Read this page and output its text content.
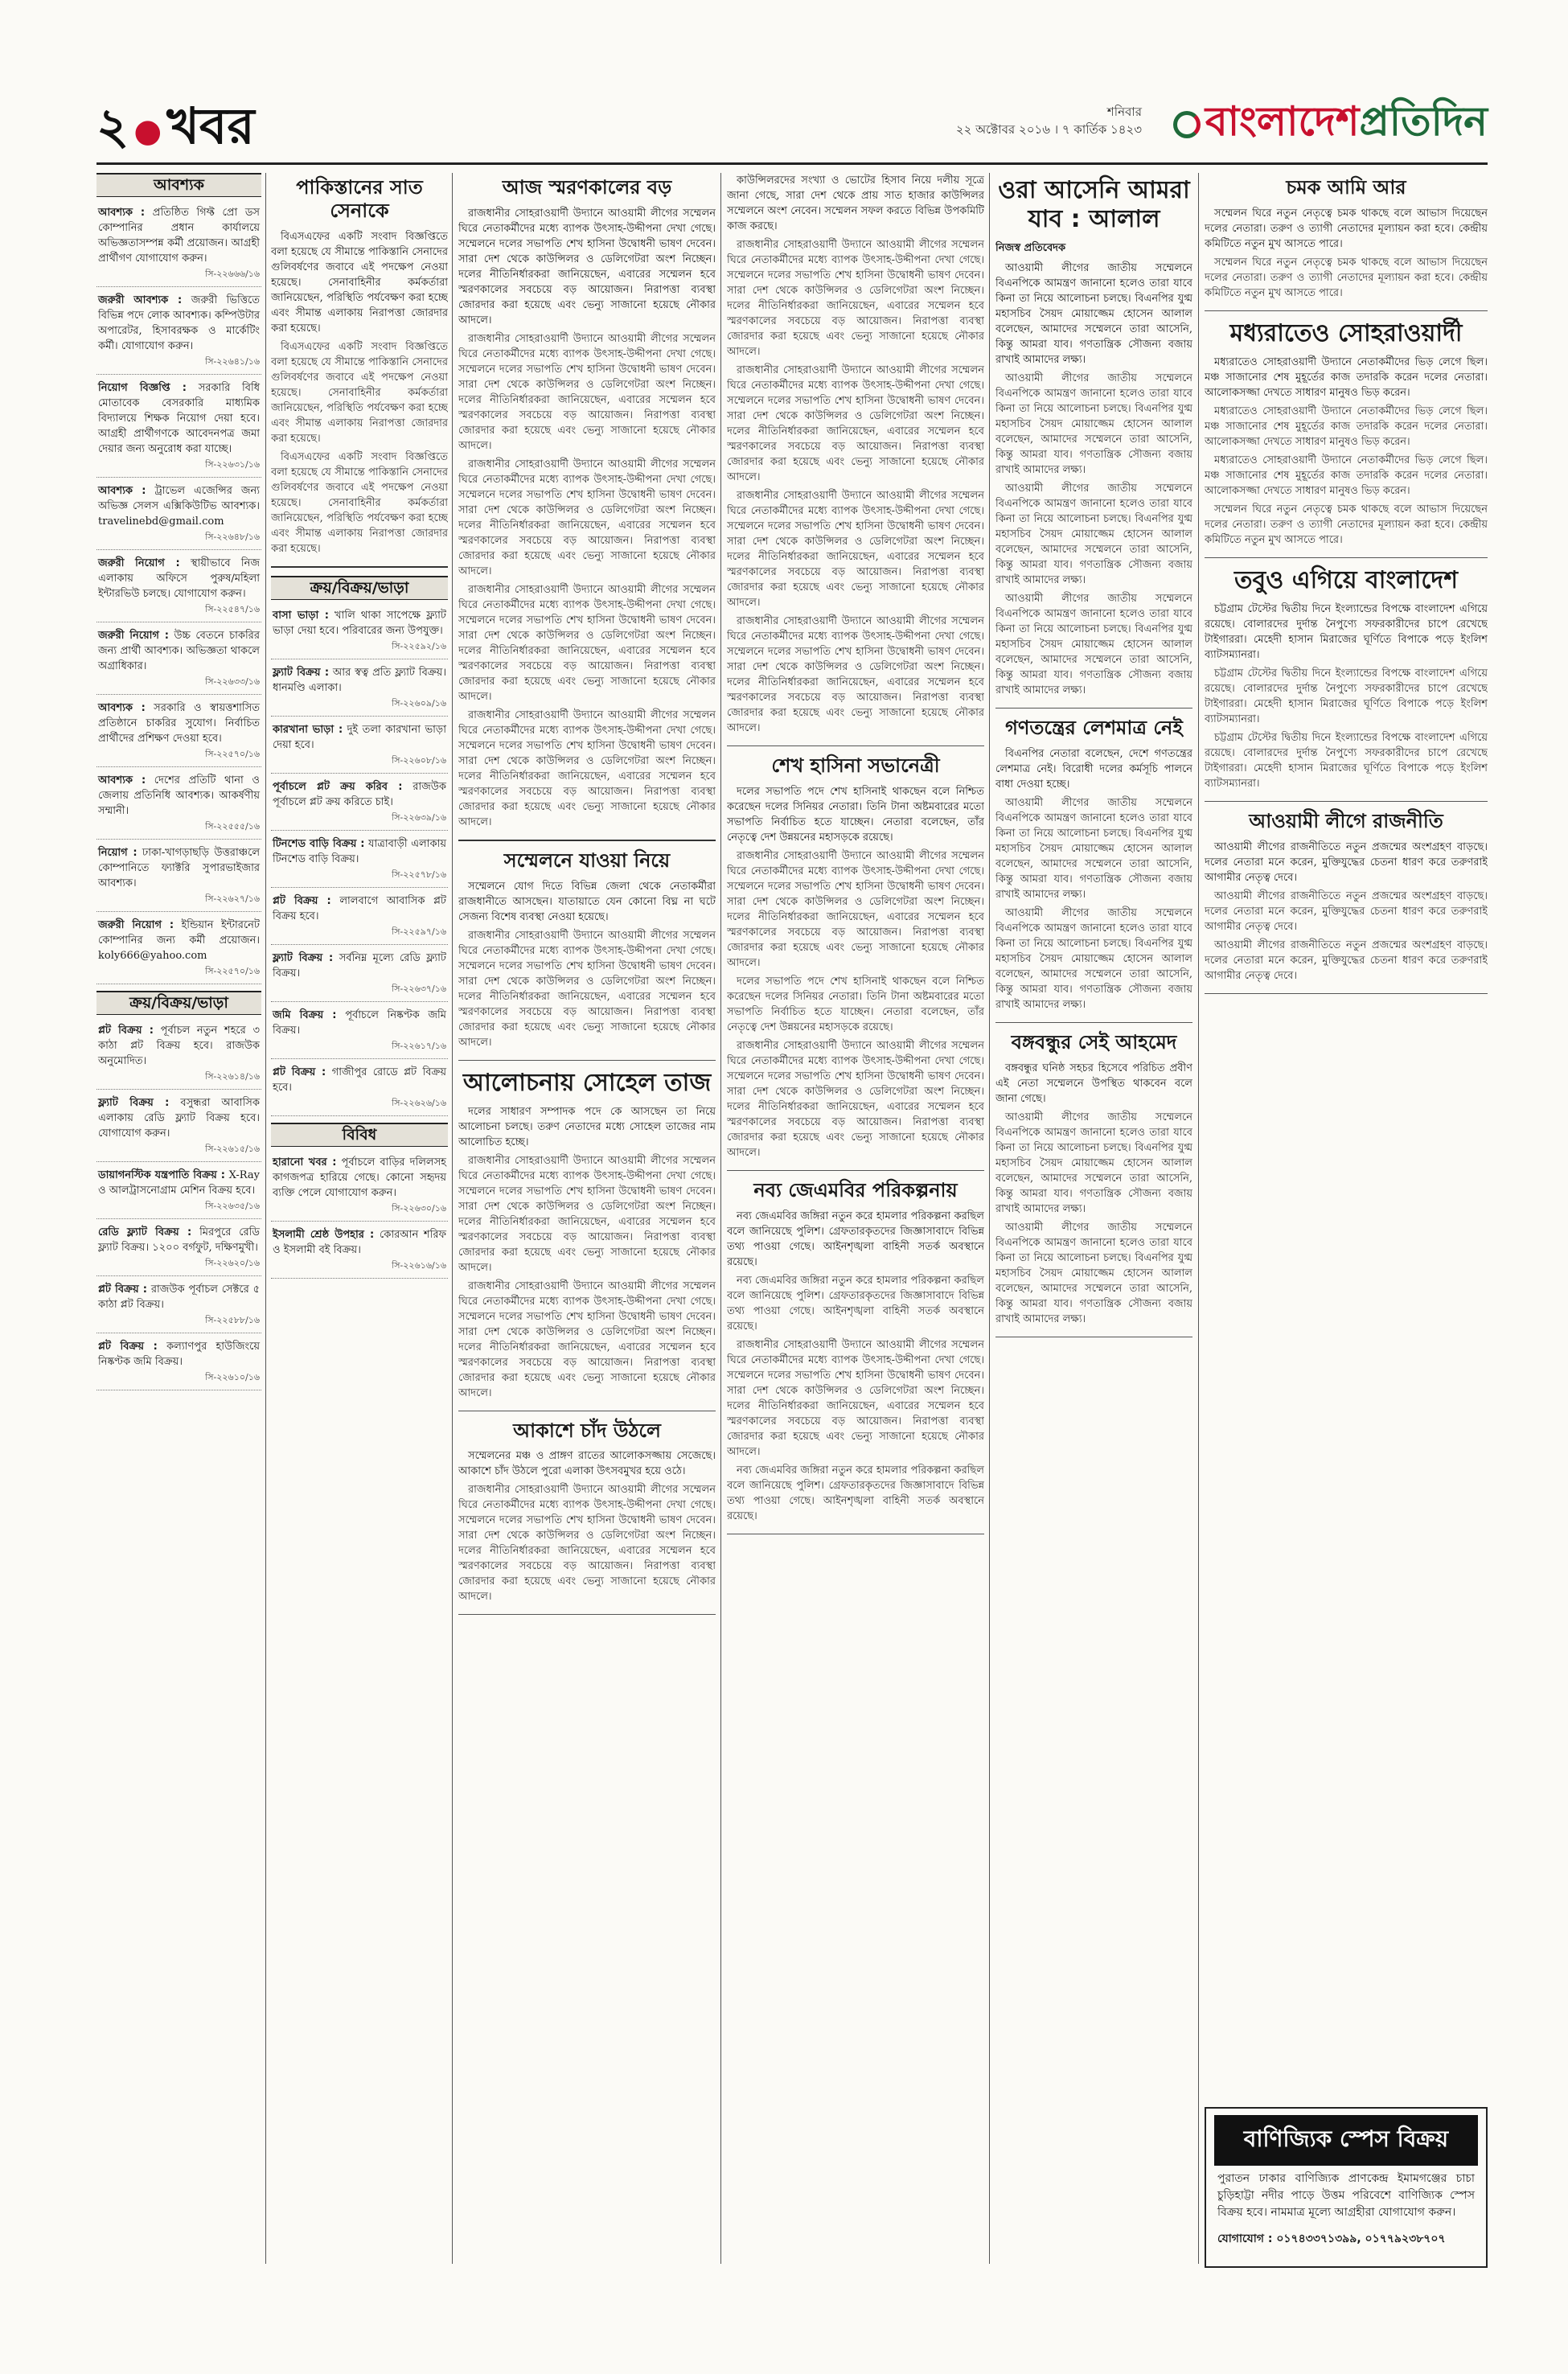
২ ●খবর	শনিবার
২২ অক্টোবর ২০১৬ । ৭ কার্তিক ১৪২৩	বাংলাদেশপ্রতিদিন
আবশ্যক
আবশ্যক : প্রতিষ্ঠিত গিফ্ট প্রো ডস কোম্পানির প্রধান কার্যালয়ে অভিজ্ঞতাসম্পন্ন কর্মী প্রয়োজন। আগ্রহী প্রার্থীগণ যোগাযোগ করুন।
সি-২২৬৬৬/১৬
জরুরী আবশ্যক : জরুরী ভিত্তিতে বিভিন্ন পদে লোক আবশ্যক। কম্পিউটার অপারেটর, হিসাবরক্ষক ও মার্কেটিং কর্মী। যোগাযোগ করুন।
সি-২২৬৪১/১৬
নিয়োগ বিজ্ঞপ্তি : সরকারি বিধি মোতাবেক বেসরকারি মাধ্যমিক বিদ্যালয়ে শিক্ষক নিয়োগ দেয়া হবে। আগ্রহী প্রার্থীগণকে আবেদনপত্র জমা দেয়ার জন্য অনুরোধ করা যাচ্ছে।
সি-২২৬৩১/১৬
আবশ্যক : ট্রাভেল এজেন্সির জন্য অভিজ্ঞ সেলস এক্সিকিউটিভ আবশ্যক। travelinebd@gmail.com
সি-২২৬৪৮/১৬
জরুরী নিয়োগ : স্থায়ীভাবে নিজ এলাকায় অফিসে পুরুষ/মহিলা ইন্টারভিউ চলছে। যোগাযোগ করুন।
সি-২২৫৪৭/১৬
জরুরী নিয়োগ : উচ্চ বেতনে চাকরির জন্য প্রার্থী আবশ্যক। অভিজ্ঞতা থাকলে অগ্রাধিকার।
সি-২২৬৩৩/১৬
আবশ্যক : সরকারি ও স্বায়ত্তশাসিত প্রতিষ্ঠানে চাকরির সুযোগ। নির্বাচিত প্রার্থীদের প্রশিক্ষণ দেওয়া হবে।
সি-২২৫৭০/১৬
আবশ্যক : দেশের প্রতিটি থানা ও জেলায় প্রতিনিধি আবশ্যক। আকর্ষণীয় সম্মানী।
সি-২২৫৫৫/১৬
নিয়োগ : ঢাকা-খাগড়াছড়ি উত্তরাঞ্চলে কোম্পানিতে ফ্যাক্টরি সুপারভাইজার আবশ্যক।
সি-২২৬২৭/১৬
জরুরী নিয়োগ : ইন্ডিয়ান ইন্টারনেট কোম্পানির জন্য কর্মী প্রয়োজন। koly666@yahoo.com
সি-২২৫৭০/১৬
ক্রয়/বিক্রয়/ভাড়া
প্লট বিক্রয় : পূর্বাচল নতুন শহরে ৩ কাঠা প্লট বিক্রয় হবে। রাজউক অনুমোদিত।
সি-২২৬১৪/১৬
ফ্ল্যাট বিক্রয় : বসুন্ধরা আবাসিক এলাকায় রেডি ফ্ল্যাট বিক্রয় হবে। যোগাযোগ করুন।
সি-২২৬১৫/১৬
ডায়াগনস্টিক যন্ত্রপাতি বিক্রয় : X-Ray ও আলট্রাসনোগ্রাম মেশিন বিক্রয় হবে।
সি-২২৬৩৫/১৬
রেডি ফ্ল্যাট বিক্রয় : মিরপুরে রেডি ফ্ল্যাট বিক্রয়। ১২০০ বর্গফুট, দক্ষিণমুখী।
সি-২২৬২০/১৬
প্লট বিক্রয় : রাজউক পূর্বাচল সেক্টরে ৫ কাঠা প্লট বিক্রয়।
সি-২২৫৮৮/১৬
প্লট বিক্রয় : কল্যাণপুর হাউজিংয়ে নিষ্কণ্টক জমি বিক্রয়।
সি-২২৬১০/১৬
পাকিস্তানের সাত সেনাকে
বিএসএফের একটি সংবাদ বিজ্ঞপ্তিতে বলা হয়েছে যে সীমান্তে পাকিস্তানি সেনাদের গুলিবর্ষণের জবাবে এই পদক্ষেপ নেওয়া হয়েছে। সেনাবাহিনীর কর্মকর্তারা জানিয়েছেন, পরিস্থিতি পর্যবেক্ষণ করা হচ্ছে এবং সীমান্ত এলাকায় নিরাপত্তা জোরদার করা হয়েছে।
বিএসএফের একটি সংবাদ বিজ্ঞপ্তিতে বলা হয়েছে যে সীমান্তে পাকিস্তানি সেনাদের গুলিবর্ষণের জবাবে এই পদক্ষেপ নেওয়া হয়েছে। সেনাবাহিনীর কর্মকর্তারা জানিয়েছেন, পরিস্থিতি পর্যবেক্ষণ করা হচ্ছে এবং সীমান্ত এলাকায় নিরাপত্তা জোরদার করা হয়েছে।
বিএসএফের একটি সংবাদ বিজ্ঞপ্তিতে বলা হয়েছে যে সীমান্তে পাকিস্তানি সেনাদের গুলিবর্ষণের জবাবে এই পদক্ষেপ নেওয়া হয়েছে। সেনাবাহিনীর কর্মকর্তারা জানিয়েছেন, পরিস্থিতি পর্যবেক্ষণ করা হচ্ছে এবং সীমান্ত এলাকায় নিরাপত্তা জোরদার করা হয়েছে।
ক্রয়/বিক্রয়/ভাড়া
বাসা ভাড়া : খালি থাকা সাপেক্ষে ফ্ল্যাট ভাড়া দেয়া হবে। পরিবারের জন্য উপযুক্ত।
সি-২২৫৯২/১৬
ফ্ল্যাট বিক্রয় : আর স্বত্ব প্রতি ফ্ল্যাট বিক্রয়। ধানমণ্ডি এলাকা।
সি-২২৬০৯/১৬
কারখানা ভাড়া : দুই তলা কারখানা ভাড়া দেয়া হবে।
সি-২২৬০৮/১৬
পূর্বাচলে প্লট ক্রয় করিব : রাজউক পূর্বাচলে প্লট ক্রয় করিতে চাই।
সি-২২৬৩৯/১৬
টিনশেড বাড়ি বিক্রয় : যাত্রাবাড়ী এলাকায় টিনশেড বাড়ি বিক্রয়।
সি-২২৫৭৮/১৬
প্লট বিক্রয় : লালবাগে আবাসিক প্লট বিক্রয় হবে।
সি-২২৫৯৭/১৬
ফ্ল্যাট বিক্রয় : সর্বনিম্ন মূল্যে রেডি ফ্ল্যাট বিক্রয়।
সি-২২৬৩৭/১৬
জমি বিক্রয় : পূর্বাচলে নিষ্কণ্টক জমি বিক্রয়।
সি-২২৬১৭/১৬
প্লট বিক্রয় : গাজীপুর রোডে প্লট বিক্রয় হবে।
সি-২২৬২৬/১৬
বিবিধ
হারানো খবর : পূর্বাচলে বাড়ির দলিলসহ কাগজপত্র হারিয়ে গেছে। কোনো সহৃদয় ব্যক্তি পেলে যোগাযোগ করুন।
সি-২২৬৩০/১৬
ইসলামী শ্রেষ্ঠ উপহার : কোরআন শরিফ ও ইসলামী বই বিক্রয়।
সি-২২৬১৬/১৬
আজ স্মরণকালের বড়
রাজধানীর সোহরাওয়ার্দী উদ্যানে আওয়ামী লীগের সম্মেলন ঘিরে নেতাকর্মীদের মধ্যে ব্যাপক উৎসাহ-উদ্দীপনা দেখা গেছে। সম্মেলনে দলের সভাপতি শেখ হাসিনা উদ্বোধনী ভাষণ দেবেন। সারা দেশ থেকে কাউন্সিলর ও ডেলিগেটরা অংশ নিচ্ছেন। দলের নীতিনির্ধারকরা জানিয়েছেন, এবারের সম্মেলন হবে স্মরণকালের সবচেয়ে বড় আয়োজন। নিরাপত্তা ব্যবস্থা জোরদার করা হয়েছে এবং ভেন্যু সাজানো হয়েছে নৌকার আদলে।
রাজধানীর সোহরাওয়ার্দী উদ্যানে আওয়ামী লীগের সম্মেলন ঘিরে নেতাকর্মীদের মধ্যে ব্যাপক উৎসাহ-উদ্দীপনা দেখা গেছে। সম্মেলনে দলের সভাপতি শেখ হাসিনা উদ্বোধনী ভাষণ দেবেন। সারা দেশ থেকে কাউন্সিলর ও ডেলিগেটরা অংশ নিচ্ছেন। দলের নীতিনির্ধারকরা জানিয়েছেন, এবারের সম্মেলন হবে স্মরণকালের সবচেয়ে বড় আয়োজন। নিরাপত্তা ব্যবস্থা জোরদার করা হয়েছে এবং ভেন্যু সাজানো হয়েছে নৌকার আদলে।
রাজধানীর সোহরাওয়ার্দী উদ্যানে আওয়ামী লীগের সম্মেলন ঘিরে নেতাকর্মীদের মধ্যে ব্যাপক উৎসাহ-উদ্দীপনা দেখা গেছে। সম্মেলনে দলের সভাপতি শেখ হাসিনা উদ্বোধনী ভাষণ দেবেন। সারা দেশ থেকে কাউন্সিলর ও ডেলিগেটরা অংশ নিচ্ছেন। দলের নীতিনির্ধারকরা জানিয়েছেন, এবারের সম্মেলন হবে স্মরণকালের সবচেয়ে বড় আয়োজন। নিরাপত্তা ব্যবস্থা জোরদার করা হয়েছে এবং ভেন্যু সাজানো হয়েছে নৌকার আদলে।
রাজধানীর সোহরাওয়ার্দী উদ্যানে আওয়ামী লীগের সম্মেলন ঘিরে নেতাকর্মীদের মধ্যে ব্যাপক উৎসাহ-উদ্দীপনা দেখা গেছে। সম্মেলনে দলের সভাপতি শেখ হাসিনা উদ্বোধনী ভাষণ দেবেন। সারা দেশ থেকে কাউন্সিলর ও ডেলিগেটরা অংশ নিচ্ছেন। দলের নীতিনির্ধারকরা জানিয়েছেন, এবারের সম্মেলন হবে স্মরণকালের সবচেয়ে বড় আয়োজন। নিরাপত্তা ব্যবস্থা জোরদার করা হয়েছে এবং ভেন্যু সাজানো হয়েছে নৌকার আদলে।
রাজধানীর সোহরাওয়ার্দী উদ্যানে আওয়ামী লীগের সম্মেলন ঘিরে নেতাকর্মীদের মধ্যে ব্যাপক উৎসাহ-উদ্দীপনা দেখা গেছে। সম্মেলনে দলের সভাপতি শেখ হাসিনা উদ্বোধনী ভাষণ দেবেন। সারা দেশ থেকে কাউন্সিলর ও ডেলিগেটরা অংশ নিচ্ছেন। দলের নীতিনির্ধারকরা জানিয়েছেন, এবারের সম্মেলন হবে স্মরণকালের সবচেয়ে বড় আয়োজন। নিরাপত্তা ব্যবস্থা জোরদার করা হয়েছে এবং ভেন্যু সাজানো হয়েছে নৌকার আদলে।
সম্মেলনে যাওয়া নিয়ে
সম্মেলনে যোগ দিতে বিভিন্ন জেলা থেকে নেতাকর্মীরা রাজধানীতে আসছেন। যাতায়াতে যেন কোনো বিঘ্ন না ঘটে সেজন্য বিশেষ ব্যবস্থা নেওয়া হয়েছে।
রাজধানীর সোহরাওয়ার্দী উদ্যানে আওয়ামী লীগের সম্মেলন ঘিরে নেতাকর্মীদের মধ্যে ব্যাপক উৎসাহ-উদ্দীপনা দেখা গেছে। সম্মেলনে দলের সভাপতি শেখ হাসিনা উদ্বোধনী ভাষণ দেবেন। সারা দেশ থেকে কাউন্সিলর ও ডেলিগেটরা অংশ নিচ্ছেন। দলের নীতিনির্ধারকরা জানিয়েছেন, এবারের সম্মেলন হবে স্মরণকালের সবচেয়ে বড় আয়োজন। নিরাপত্তা ব্যবস্থা জোরদার করা হয়েছে এবং ভেন্যু সাজানো হয়েছে নৌকার আদলে।
আলোচনায় সোহেল তাজ
দলের সাধারণ সম্পাদক পদে কে আসছেন তা নিয়ে আলোচনা চলছে। তরুণ নেতাদের মধ্যে সোহেল তাজের নাম আলোচিত হচ্ছে।
রাজধানীর সোহরাওয়ার্দী উদ্যানে আওয়ামী লীগের সম্মেলন ঘিরে নেতাকর্মীদের মধ্যে ব্যাপক উৎসাহ-উদ্দীপনা দেখা গেছে। সম্মেলনে দলের সভাপতি শেখ হাসিনা উদ্বোধনী ভাষণ দেবেন। সারা দেশ থেকে কাউন্সিলর ও ডেলিগেটরা অংশ নিচ্ছেন। দলের নীতিনির্ধারকরা জানিয়েছেন, এবারের সম্মেলন হবে স্মরণকালের সবচেয়ে বড় আয়োজন। নিরাপত্তা ব্যবস্থা জোরদার করা হয়েছে এবং ভেন্যু সাজানো হয়েছে নৌকার আদলে।
রাজধানীর সোহরাওয়ার্দী উদ্যানে আওয়ামী লীগের সম্মেলন ঘিরে নেতাকর্মীদের মধ্যে ব্যাপক উৎসাহ-উদ্দীপনা দেখা গেছে। সম্মেলনে দলের সভাপতি শেখ হাসিনা উদ্বোধনী ভাষণ দেবেন। সারা দেশ থেকে কাউন্সিলর ও ডেলিগেটরা অংশ নিচ্ছেন। দলের নীতিনির্ধারকরা জানিয়েছেন, এবারের সম্মেলন হবে স্মরণকালের সবচেয়ে বড় আয়োজন। নিরাপত্তা ব্যবস্থা জোরদার করা হয়েছে এবং ভেন্যু সাজানো হয়েছে নৌকার আদলে।
আকাশে চাঁদ উঠলে
সম্মেলনের মঞ্চ ও প্রাঙ্গণ রাতের আলোকসজ্জায় সেজেছে। আকাশে চাঁদ উঠলে পুরো এলাকা উৎসবমুখর হয়ে ওঠে।
রাজধানীর সোহরাওয়ার্দী উদ্যানে আওয়ামী লীগের সম্মেলন ঘিরে নেতাকর্মীদের মধ্যে ব্যাপক উৎসাহ-উদ্দীপনা দেখা গেছে। সম্মেলনে দলের সভাপতি শেখ হাসিনা উদ্বোধনী ভাষণ দেবেন। সারা দেশ থেকে কাউন্সিলর ও ডেলিগেটরা অংশ নিচ্ছেন। দলের নীতিনির্ধারকরা জানিয়েছেন, এবারের সম্মেলন হবে স্মরণকালের সবচেয়ে বড় আয়োজন। নিরাপত্তা ব্যবস্থা জোরদার করা হয়েছে এবং ভেন্যু সাজানো হয়েছে নৌকার আদলে।
কাউন্সিলরদের সংখ্যা ও ভোটের হিসাব নিয়ে দলীয় সূত্রে জানা গেছে, সারা দেশ থেকে প্রায় সাত হাজার কাউন্সিলর সম্মেলনে অংশ নেবেন। সম্মেলন সফল করতে বিভিন্ন উপকমিটি কাজ করছে।
রাজধানীর সোহরাওয়ার্দী উদ্যানে আওয়ামী লীগের সম্মেলন ঘিরে নেতাকর্মীদের মধ্যে ব্যাপক উৎসাহ-উদ্দীপনা দেখা গেছে। সম্মেলনে দলের সভাপতি শেখ হাসিনা উদ্বোধনী ভাষণ দেবেন। সারা দেশ থেকে কাউন্সিলর ও ডেলিগেটরা অংশ নিচ্ছেন। দলের নীতিনির্ধারকরা জানিয়েছেন, এবারের সম্মেলন হবে স্মরণকালের সবচেয়ে বড় আয়োজন। নিরাপত্তা ব্যবস্থা জোরদার করা হয়েছে এবং ভেন্যু সাজানো হয়েছে নৌকার আদলে।
রাজধানীর সোহরাওয়ার্দী উদ্যানে আওয়ামী লীগের সম্মেলন ঘিরে নেতাকর্মীদের মধ্যে ব্যাপক উৎসাহ-উদ্দীপনা দেখা গেছে। সম্মেলনে দলের সভাপতি শেখ হাসিনা উদ্বোধনী ভাষণ দেবেন। সারা দেশ থেকে কাউন্সিলর ও ডেলিগেটরা অংশ নিচ্ছেন। দলের নীতিনির্ধারকরা জানিয়েছেন, এবারের সম্মেলন হবে স্মরণকালের সবচেয়ে বড় আয়োজন। নিরাপত্তা ব্যবস্থা জোরদার করা হয়েছে এবং ভেন্যু সাজানো হয়েছে নৌকার আদলে।
রাজধানীর সোহরাওয়ার্দী উদ্যানে আওয়ামী লীগের সম্মেলন ঘিরে নেতাকর্মীদের মধ্যে ব্যাপক উৎসাহ-উদ্দীপনা দেখা গেছে। সম্মেলনে দলের সভাপতি শেখ হাসিনা উদ্বোধনী ভাষণ দেবেন। সারা দেশ থেকে কাউন্সিলর ও ডেলিগেটরা অংশ নিচ্ছেন। দলের নীতিনির্ধারকরা জানিয়েছেন, এবারের সম্মেলন হবে স্মরণকালের সবচেয়ে বড় আয়োজন। নিরাপত্তা ব্যবস্থা জোরদার করা হয়েছে এবং ভেন্যু সাজানো হয়েছে নৌকার আদলে।
রাজধানীর সোহরাওয়ার্দী উদ্যানে আওয়ামী লীগের সম্মেলন ঘিরে নেতাকর্মীদের মধ্যে ব্যাপক উৎসাহ-উদ্দীপনা দেখা গেছে। সম্মেলনে দলের সভাপতি শেখ হাসিনা উদ্বোধনী ভাষণ দেবেন। সারা দেশ থেকে কাউন্সিলর ও ডেলিগেটরা অংশ নিচ্ছেন। দলের নীতিনির্ধারকরা জানিয়েছেন, এবারের সম্মেলন হবে স্মরণকালের সবচেয়ে বড় আয়োজন। নিরাপত্তা ব্যবস্থা জোরদার করা হয়েছে এবং ভেন্যু সাজানো হয়েছে নৌকার আদলে।
শেখ হাসিনা সভানেত্রী
দলের সভাপতি পদে শেখ হাসিনাই থাকছেন বলে নিশ্চিত করেছেন দলের সিনিয়র নেতারা। তিনি টানা অষ্টমবারের মতো সভাপতি নির্বাচিত হতে যাচ্ছেন। নেতারা বলেছেন, তাঁর নেতৃত্বে দেশ উন্নয়নের মহাসড়কে রয়েছে।
রাজধানীর সোহরাওয়ার্দী উদ্যানে আওয়ামী লীগের সম্মেলন ঘিরে নেতাকর্মীদের মধ্যে ব্যাপক উৎসাহ-উদ্দীপনা দেখা গেছে। সম্মেলনে দলের সভাপতি শেখ হাসিনা উদ্বোধনী ভাষণ দেবেন। সারা দেশ থেকে কাউন্সিলর ও ডেলিগেটরা অংশ নিচ্ছেন। দলের নীতিনির্ধারকরা জানিয়েছেন, এবারের সম্মেলন হবে স্মরণকালের সবচেয়ে বড় আয়োজন। নিরাপত্তা ব্যবস্থা জোরদার করা হয়েছে এবং ভেন্যু সাজানো হয়েছে নৌকার আদলে।
দলের সভাপতি পদে শেখ হাসিনাই থাকছেন বলে নিশ্চিত করেছেন দলের সিনিয়র নেতারা। তিনি টানা অষ্টমবারের মতো সভাপতি নির্বাচিত হতে যাচ্ছেন। নেতারা বলেছেন, তাঁর নেতৃত্বে দেশ উন্নয়নের মহাসড়কে রয়েছে।
রাজধানীর সোহরাওয়ার্দী উদ্যানে আওয়ামী লীগের সম্মেলন ঘিরে নেতাকর্মীদের মধ্যে ব্যাপক উৎসাহ-উদ্দীপনা দেখা গেছে। সম্মেলনে দলের সভাপতি শেখ হাসিনা উদ্বোধনী ভাষণ দেবেন। সারা দেশ থেকে কাউন্সিলর ও ডেলিগেটরা অংশ নিচ্ছেন। দলের নীতিনির্ধারকরা জানিয়েছেন, এবারের সম্মেলন হবে স্মরণকালের সবচেয়ে বড় আয়োজন। নিরাপত্তা ব্যবস্থা জোরদার করা হয়েছে এবং ভেন্যু সাজানো হয়েছে নৌকার আদলে।
নব্য জেএমবির পরিকল্পনায়
নব্য জেএমবির জঙ্গিরা নতুন করে হামলার পরিকল্পনা করছিল বলে জানিয়েছে পুলিশ। গ্রেফতারকৃতদের জিজ্ঞাসাবাদে বিভিন্ন তথ্য পাওয়া গেছে। আইনশৃঙ্খলা বাহিনী সতর্ক অবস্থানে রয়েছে।
নব্য জেএমবির জঙ্গিরা নতুন করে হামলার পরিকল্পনা করছিল বলে জানিয়েছে পুলিশ। গ্রেফতারকৃতদের জিজ্ঞাসাবাদে বিভিন্ন তথ্য পাওয়া গেছে। আইনশৃঙ্খলা বাহিনী সতর্ক অবস্থানে রয়েছে।
রাজধানীর সোহরাওয়ার্দী উদ্যানে আওয়ামী লীগের সম্মেলন ঘিরে নেতাকর্মীদের মধ্যে ব্যাপক উৎসাহ-উদ্দীপনা দেখা গেছে। সম্মেলনে দলের সভাপতি শেখ হাসিনা উদ্বোধনী ভাষণ দেবেন। সারা দেশ থেকে কাউন্সিলর ও ডেলিগেটরা অংশ নিচ্ছেন। দলের নীতিনির্ধারকরা জানিয়েছেন, এবারের সম্মেলন হবে স্মরণকালের সবচেয়ে বড় আয়োজন। নিরাপত্তা ব্যবস্থা জোরদার করা হয়েছে এবং ভেন্যু সাজানো হয়েছে নৌকার আদলে।
নব্য জেএমবির জঙ্গিরা নতুন করে হামলার পরিকল্পনা করছিল বলে জানিয়েছে পুলিশ। গ্রেফতারকৃতদের জিজ্ঞাসাবাদে বিভিন্ন তথ্য পাওয়া গেছে। আইনশৃঙ্খলা বাহিনী সতর্ক অবস্থানে রয়েছে।
ওরা আসেনি আমরা যাব : আলাল
নিজস্ব প্রতিবেদক
আওয়ামী লীগের জাতীয় সম্মেলনে বিএনপিকে আমন্ত্রণ জানানো হলেও তারা যাবে কিনা তা নিয়ে আলোচনা চলছে। বিএনপির যুগ্ম মহাসচিব সৈয়দ মোয়াজ্জেম হোসেন আলাল বলেছেন, আমাদের সম্মেলনে তারা আসেনি, কিন্তু আমরা যাব। গণতান্ত্রিক সৌজন্য বজায় রাখাই আমাদের লক্ষ্য।
আওয়ামী লীগের জাতীয় সম্মেলনে বিএনপিকে আমন্ত্রণ জানানো হলেও তারা যাবে কিনা তা নিয়ে আলোচনা চলছে। বিএনপির যুগ্ম মহাসচিব সৈয়দ মোয়াজ্জেম হোসেন আলাল বলেছেন, আমাদের সম্মেলনে তারা আসেনি, কিন্তু আমরা যাব। গণতান্ত্রিক সৌজন্য বজায় রাখাই আমাদের লক্ষ্য।
আওয়ামী লীগের জাতীয় সম্মেলনে বিএনপিকে আমন্ত্রণ জানানো হলেও তারা যাবে কিনা তা নিয়ে আলোচনা চলছে। বিএনপির যুগ্ম মহাসচিব সৈয়দ মোয়াজ্জেম হোসেন আলাল বলেছেন, আমাদের সম্মেলনে তারা আসেনি, কিন্তু আমরা যাব। গণতান্ত্রিক সৌজন্য বজায় রাখাই আমাদের লক্ষ্য।
আওয়ামী লীগের জাতীয় সম্মেলনে বিএনপিকে আমন্ত্রণ জানানো হলেও তারা যাবে কিনা তা নিয়ে আলোচনা চলছে। বিএনপির যুগ্ম মহাসচিব সৈয়দ মোয়াজ্জেম হোসেন আলাল বলেছেন, আমাদের সম্মেলনে তারা আসেনি, কিন্তু আমরা যাব। গণতান্ত্রিক সৌজন্য বজায় রাখাই আমাদের লক্ষ্য।
গণতন্ত্রের লেশমাত্র নেই
বিএনপির নেতারা বলেছেন, দেশে গণতন্ত্রের লেশমাত্র নেই। বিরোধী দলের কর্মসূচি পালনে বাধা দেওয়া হচ্ছে।
আওয়ামী লীগের জাতীয় সম্মেলনে বিএনপিকে আমন্ত্রণ জানানো হলেও তারা যাবে কিনা তা নিয়ে আলোচনা চলছে। বিএনপির যুগ্ম মহাসচিব সৈয়দ মোয়াজ্জেম হোসেন আলাল বলেছেন, আমাদের সম্মেলনে তারা আসেনি, কিন্তু আমরা যাব। গণতান্ত্রিক সৌজন্য বজায় রাখাই আমাদের লক্ষ্য।
আওয়ামী লীগের জাতীয় সম্মেলনে বিএনপিকে আমন্ত্রণ জানানো হলেও তারা যাবে কিনা তা নিয়ে আলোচনা চলছে। বিএনপির যুগ্ম মহাসচিব সৈয়দ মোয়াজ্জেম হোসেন আলাল বলেছেন, আমাদের সম্মেলনে তারা আসেনি, কিন্তু আমরা যাব। গণতান্ত্রিক সৌজন্য বজায় রাখাই আমাদের লক্ষ্য।
বঙ্গবন্ধুর সেই আহমেদ
বঙ্গবন্ধুর ঘনিষ্ঠ সহচর হিসেবে পরিচিত প্রবীণ এই নেতা সম্মেলনে উপস্থিত থাকবেন বলে জানা গেছে।
আওয়ামী লীগের জাতীয় সম্মেলনে বিএনপিকে আমন্ত্রণ জানানো হলেও তারা যাবে কিনা তা নিয়ে আলোচনা চলছে। বিএনপির যুগ্ম মহাসচিব সৈয়দ মোয়াজ্জেম হোসেন আলাল বলেছেন, আমাদের সম্মেলনে তারা আসেনি, কিন্তু আমরা যাব। গণতান্ত্রিক সৌজন্য বজায় রাখাই আমাদের লক্ষ্য।
আওয়ামী লীগের জাতীয় সম্মেলনে বিএনপিকে আমন্ত্রণ জানানো হলেও তারা যাবে কিনা তা নিয়ে আলোচনা চলছে। বিএনপির যুগ্ম মহাসচিব সৈয়দ মোয়াজ্জেম হোসেন আলাল বলেছেন, আমাদের সম্মেলনে তারা আসেনি, কিন্তু আমরা যাব। গণতান্ত্রিক সৌজন্য বজায় রাখাই আমাদের লক্ষ্য।
চমক আমি আর
সম্মেলন ঘিরে নতুন নেতৃত্বে চমক থাকছে বলে আভাস দিয়েছেন দলের নেতারা। তরুণ ও ত্যাগী নেতাদের মূল্যায়ন করা হবে। কেন্দ্রীয় কমিটিতে নতুন মুখ আসতে পারে।
সম্মেলন ঘিরে নতুন নেতৃত্বে চমক থাকছে বলে আভাস দিয়েছেন দলের নেতারা। তরুণ ও ত্যাগী নেতাদের মূল্যায়ন করা হবে। কেন্দ্রীয় কমিটিতে নতুন মুখ আসতে পারে।
মধ্যরাতেও সোহরাওয়ার্দী
মধ্যরাতেও সোহরাওয়ার্দী উদ্যানে নেতাকর্মীদের ভিড় লেগে ছিল। মঞ্চ সাজানোর শেষ মুহূর্তের কাজ তদারকি করেন দলের নেতারা। আলোকসজ্জা দেখতে সাধারণ মানুষও ভিড় করেন।
মধ্যরাতেও সোহরাওয়ার্দী উদ্যানে নেতাকর্মীদের ভিড় লেগে ছিল। মঞ্চ সাজানোর শেষ মুহূর্তের কাজ তদারকি করেন দলের নেতারা। আলোকসজ্জা দেখতে সাধারণ মানুষও ভিড় করেন।
মধ্যরাতেও সোহরাওয়ার্দী উদ্যানে নেতাকর্মীদের ভিড় লেগে ছিল। মঞ্চ সাজানোর শেষ মুহূর্তের কাজ তদারকি করেন দলের নেতারা। আলোকসজ্জা দেখতে সাধারণ মানুষও ভিড় করেন।
সম্মেলন ঘিরে নতুন নেতৃত্বে চমক থাকছে বলে আভাস দিয়েছেন দলের নেতারা। তরুণ ও ত্যাগী নেতাদের মূল্যায়ন করা হবে। কেন্দ্রীয় কমিটিতে নতুন মুখ আসতে পারে।
তবুও এগিয়ে বাংলাদেশ
চট্টগ্রাম টেস্টের দ্বিতীয় দিনে ইংল্যান্ডের বিপক্ষে বাংলাদেশ এগিয়ে রয়েছে। বোলারদের দুর্দান্ত নৈপুণ্যে সফরকারীদের চাপে রেখেছে টাইগাররা। মেহেদী হাসান মিরাজের ঘূর্ণিতে বিপাকে পড়ে ইংলিশ ব্যাটসম্যানরা।
চট্টগ্রাম টেস্টের দ্বিতীয় দিনে ইংল্যান্ডের বিপক্ষে বাংলাদেশ এগিয়ে রয়েছে। বোলারদের দুর্দান্ত নৈপুণ্যে সফরকারীদের চাপে রেখেছে টাইগাররা। মেহেদী হাসান মিরাজের ঘূর্ণিতে বিপাকে পড়ে ইংলিশ ব্যাটসম্যানরা।
চট্টগ্রাম টেস্টের দ্বিতীয় দিনে ইংল্যান্ডের বিপক্ষে বাংলাদেশ এগিয়ে রয়েছে। বোলারদের দুর্দান্ত নৈপুণ্যে সফরকারীদের চাপে রেখেছে টাইগাররা। মেহেদী হাসান মিরাজের ঘূর্ণিতে বিপাকে পড়ে ইংলিশ ব্যাটসম্যানরা।
আওয়ামী লীগে রাজনীতি
আওয়ামী লীগের রাজনীতিতে নতুন প্রজন্মের অংশগ্রহণ বাড়ছে। দলের নেতারা মনে করেন, মুক্তিযুদ্ধের চেতনা ধারণ করে তরুণরাই আগামীর নেতৃত্ব দেবে।
আওয়ামী লীগের রাজনীতিতে নতুন প্রজন্মের অংশগ্রহণ বাড়ছে। দলের নেতারা মনে করেন, মুক্তিযুদ্ধের চেতনা ধারণ করে তরুণরাই আগামীর নেতৃত্ব দেবে।
আওয়ামী লীগের রাজনীতিতে নতুন প্রজন্মের অংশগ্রহণ বাড়ছে। দলের নেতারা মনে করেন, মুক্তিযুদ্ধের চেতনা ধারণ করে তরুণরাই আগামীর নেতৃত্ব দেবে।
বাণিজ্যিক স্পেস বিক্রয়
পুরাতন ঢাকার বাণিজ্যিক প্রাণকেন্দ্র ইমামগঞ্জের চাচা চুড়িহাট্টা নদীর পাড়ে উত্তম পরিবেশে বাণিজ্যিক স্পেস বিক্রয় হবে। নামমাত্র মূল্যে আগ্রহীরা যোগাযোগ করুন।
যোগাযোগ : ০১৭৪৩৩৭১৩৯৯, ০১৭৭৯২৩৮৭০৭
